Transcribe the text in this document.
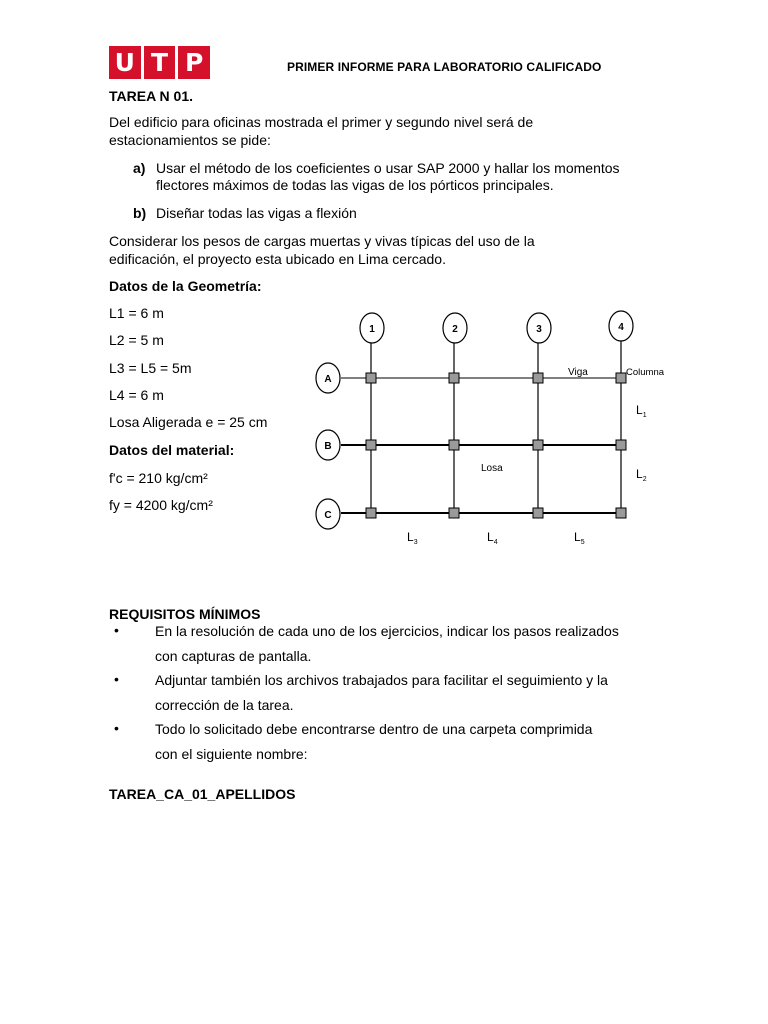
U T P	PRIMER INFORME PARA LABORATORIO CALIFICADO
TAREA N 01.
Del edificio para oficinas mostrada el primer y segundo nivel será de
estacionamientos se pide:
a) Usar el método de los coeficientes o usar SAP 2000 y hallar los momentos
flectores máximos de todas las vigas de los pórticos principales.
b) Diseñar todas las vigas a flexión
Considerar los pesos de cargas muertas y vivas típicas del uso de la
edificación, el proyecto esta ubicado en Lima cercado.
Datos de la Geometría:
L1 = 6 m
L2 = 5 m
L3 = L5 = 5m
L4 = 6 m
Losa Aligerada e = 25 cm
Datos del material:
f'c = 210 kg/cm²
fy = 4200 kg/cm²
1	2	3	4
A
B
C
Viga	Columna
Losa
$L_1$
$L_2$
$L_3$	$L_4$	$L_5$
REQUISITOS MÍNIMOS
•	En la resolución de cada uno de los ejercicios, indicar los pasos realizados
con capturas de pantalla.
•	Adjuntar también los archivos trabajados para facilitar el seguimiento y la
corrección de la tarea.
•	Todo lo solicitado debe encontrarse dentro de una carpeta comprimida
con el siguiente nombre:
TAREA_CA_01_APELLIDOS
